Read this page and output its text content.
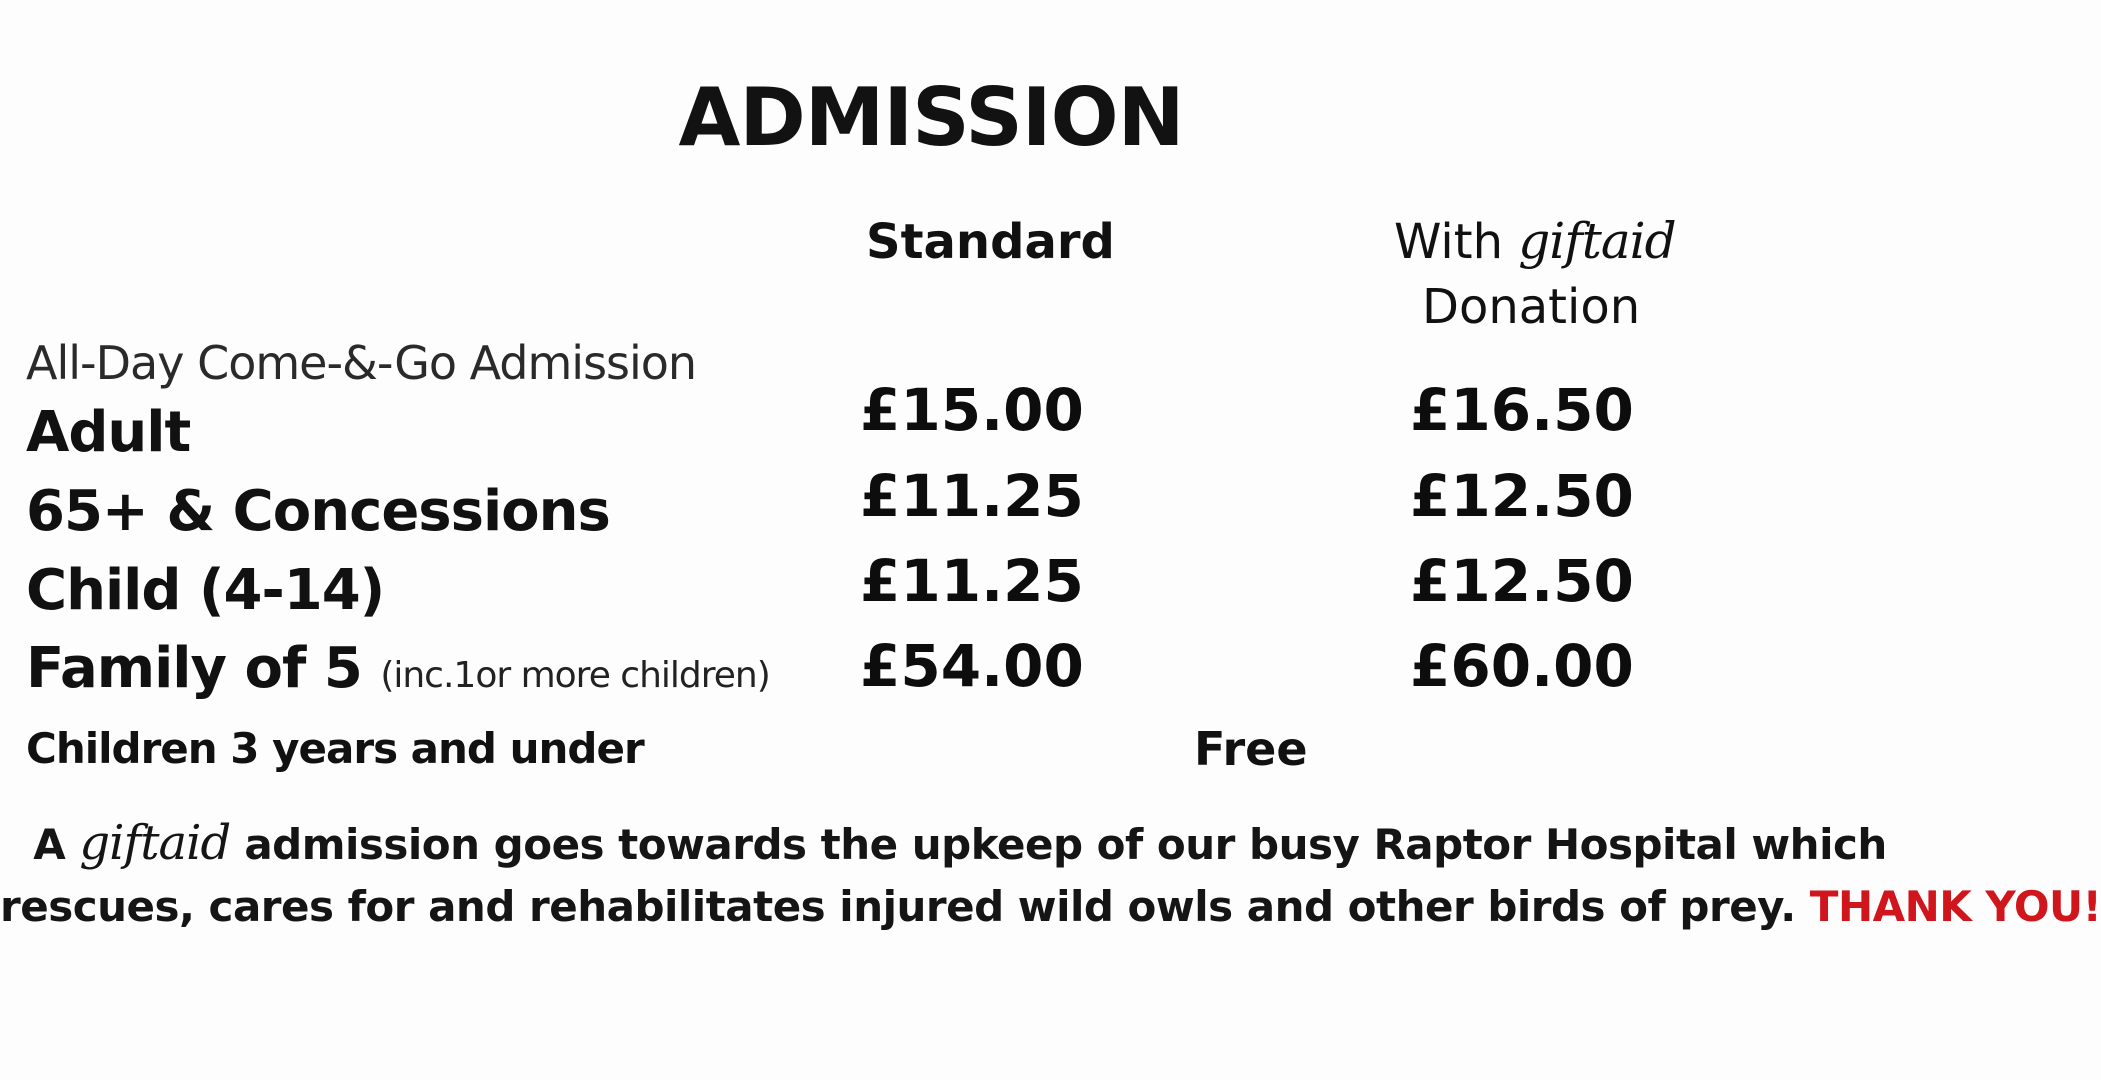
ADMISSION
Standard	With giftaid
Donation
All-Day Come-&-Go Admission
Adult	£15.00	£16.50
65+ & Concessions	£11.25	£12.50
Child (4-14)	£11.25	£12.50
Family of 5 (inc.1or more children) £54.00	£60.00
Children 3 years and under	Free
A giftaid admission goes towards the upkeep of our busy Raptor Hospital which
rescues, cares for and rehabilitates injured wild owls and other birds of prey. THANK YOU!
